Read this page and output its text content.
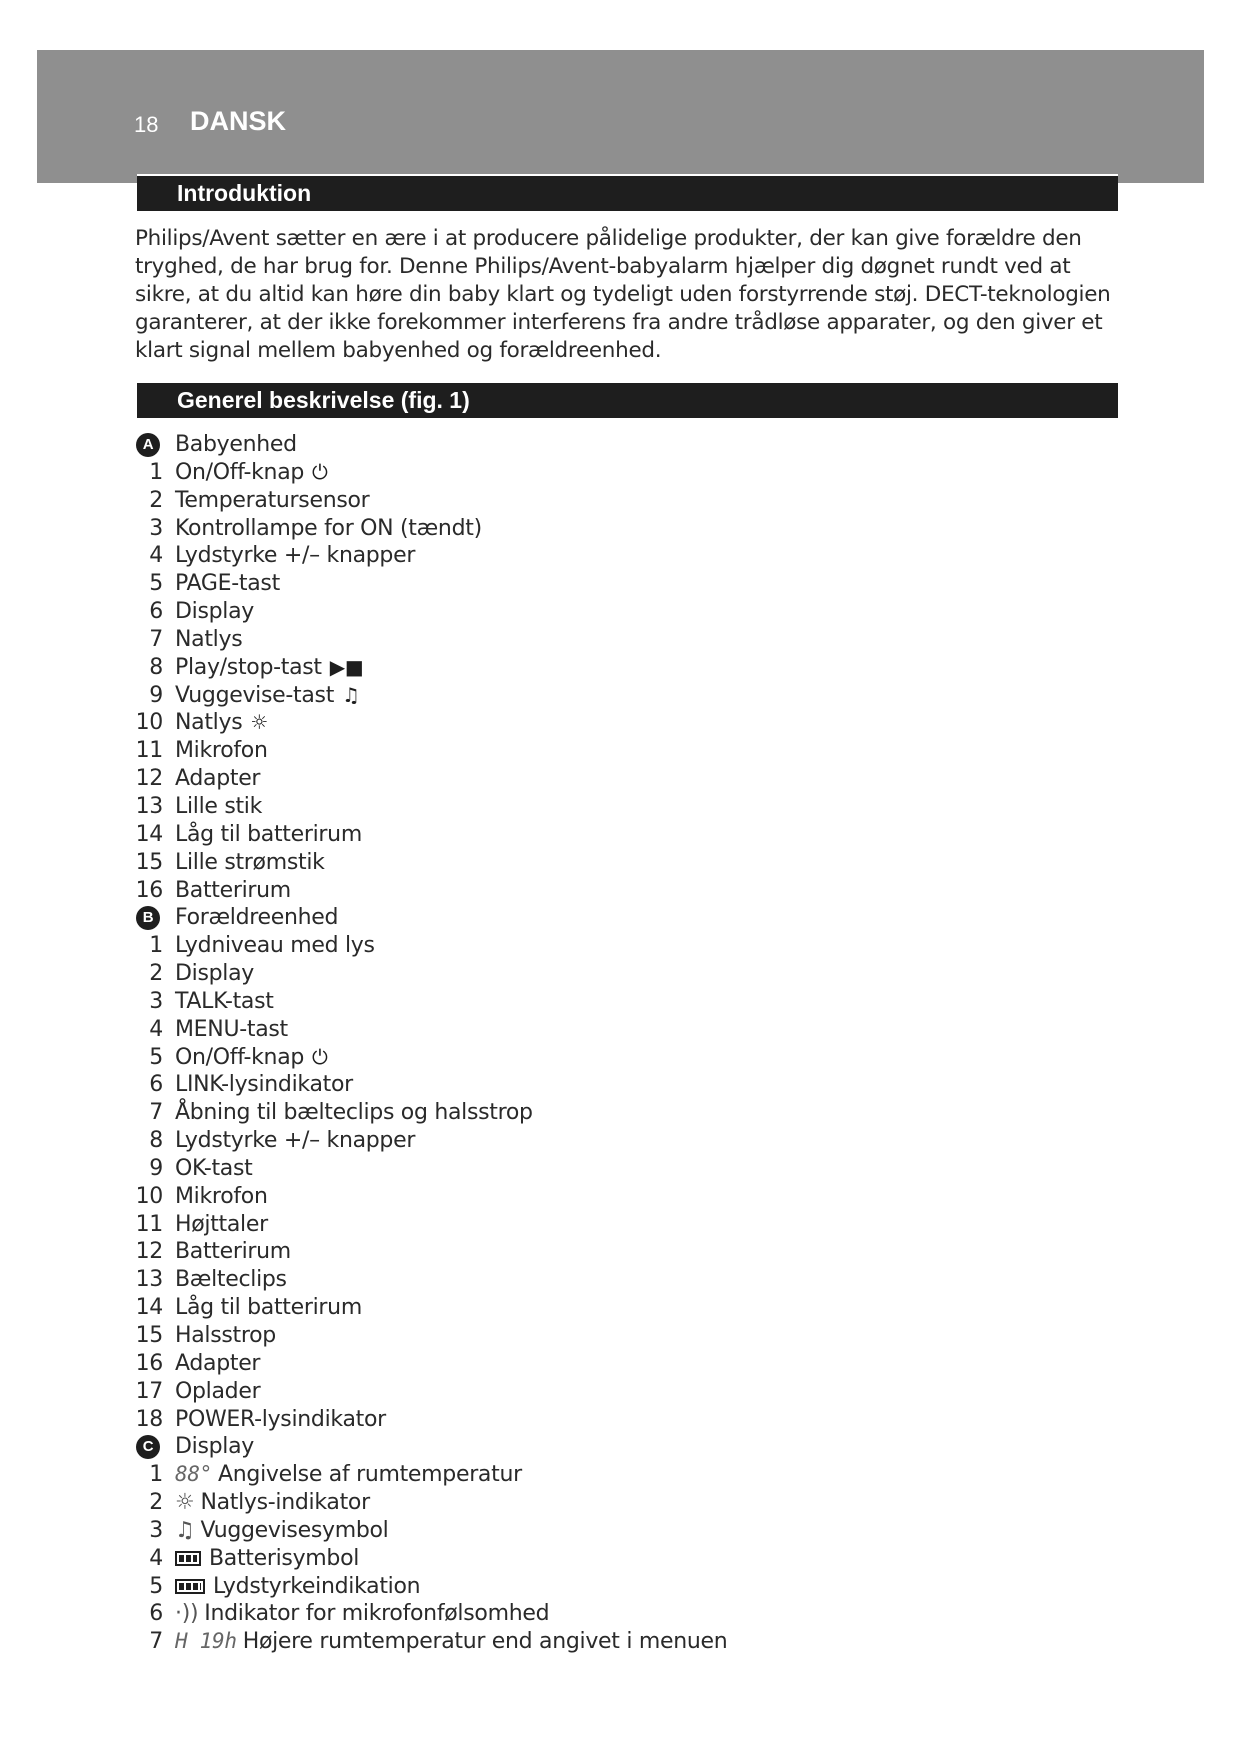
18 DANSK
Introduktion

Philips/Avent sætter en ære i at producere pålidelige produkter, der kan give forældre den tryghed, de har brug for. Denne Philips/Avent-babyalarm hjælper dig døgnet rundt ved at sikre, at du altid kan høre din baby klart og tydeligt uden forstyrrende støj. DECT-teknologien garanterer, at der ikke forekommer interferens fra andre trådløse apparater, og den giver et klart signal mellem babyenhed og forældreenhed.

Generel beskrivelse (fig. 1)
A Babyenhed
1 On/Off-knap ⏻
2 Temperatursensor
3 Kontrollampe for ON (tændt)
4 Lydstyrke +/– knapper
5 PAGE-tast
6 Display
7 Natlys
8 Play/stop-tast ▶■
9 Vuggevise-tast ♫
10 Natlys ☼
11 Mikrofon
12 Adapter
13 Lille stik
14 Låg til batterirum
15 Lille strømstik
16 Batterirum
B Forældreenhed
1 Lydniveau med lys
2 Display
3 TALK-tast
4 MENU-tast
5 On/Off-knap ⏻
6 LINK-lysindikator
7 Åbning til bælteclips og halsstrop
8 Lydstyrke +/– knapper
9 OK-tast
10 Mikrofon
11 Højttaler
12 Batterirum
13 Bælteclips
14 Låg til batterirum
15 Halsstrop
16 Adapter
17 Oplader
18 POWER-lysindikator
C Display
1 88° Angivelse af rumtemperatur
2 ☼ Natlys-indikator
3 ♫ Vuggevisesymbol
4	Batterisymbol
5	Lydstyrkeindikation
6 ·)) Indikator for mikrofonfølsomhed
7 H 19h Højere rumtemperatur end angivet i menuen
